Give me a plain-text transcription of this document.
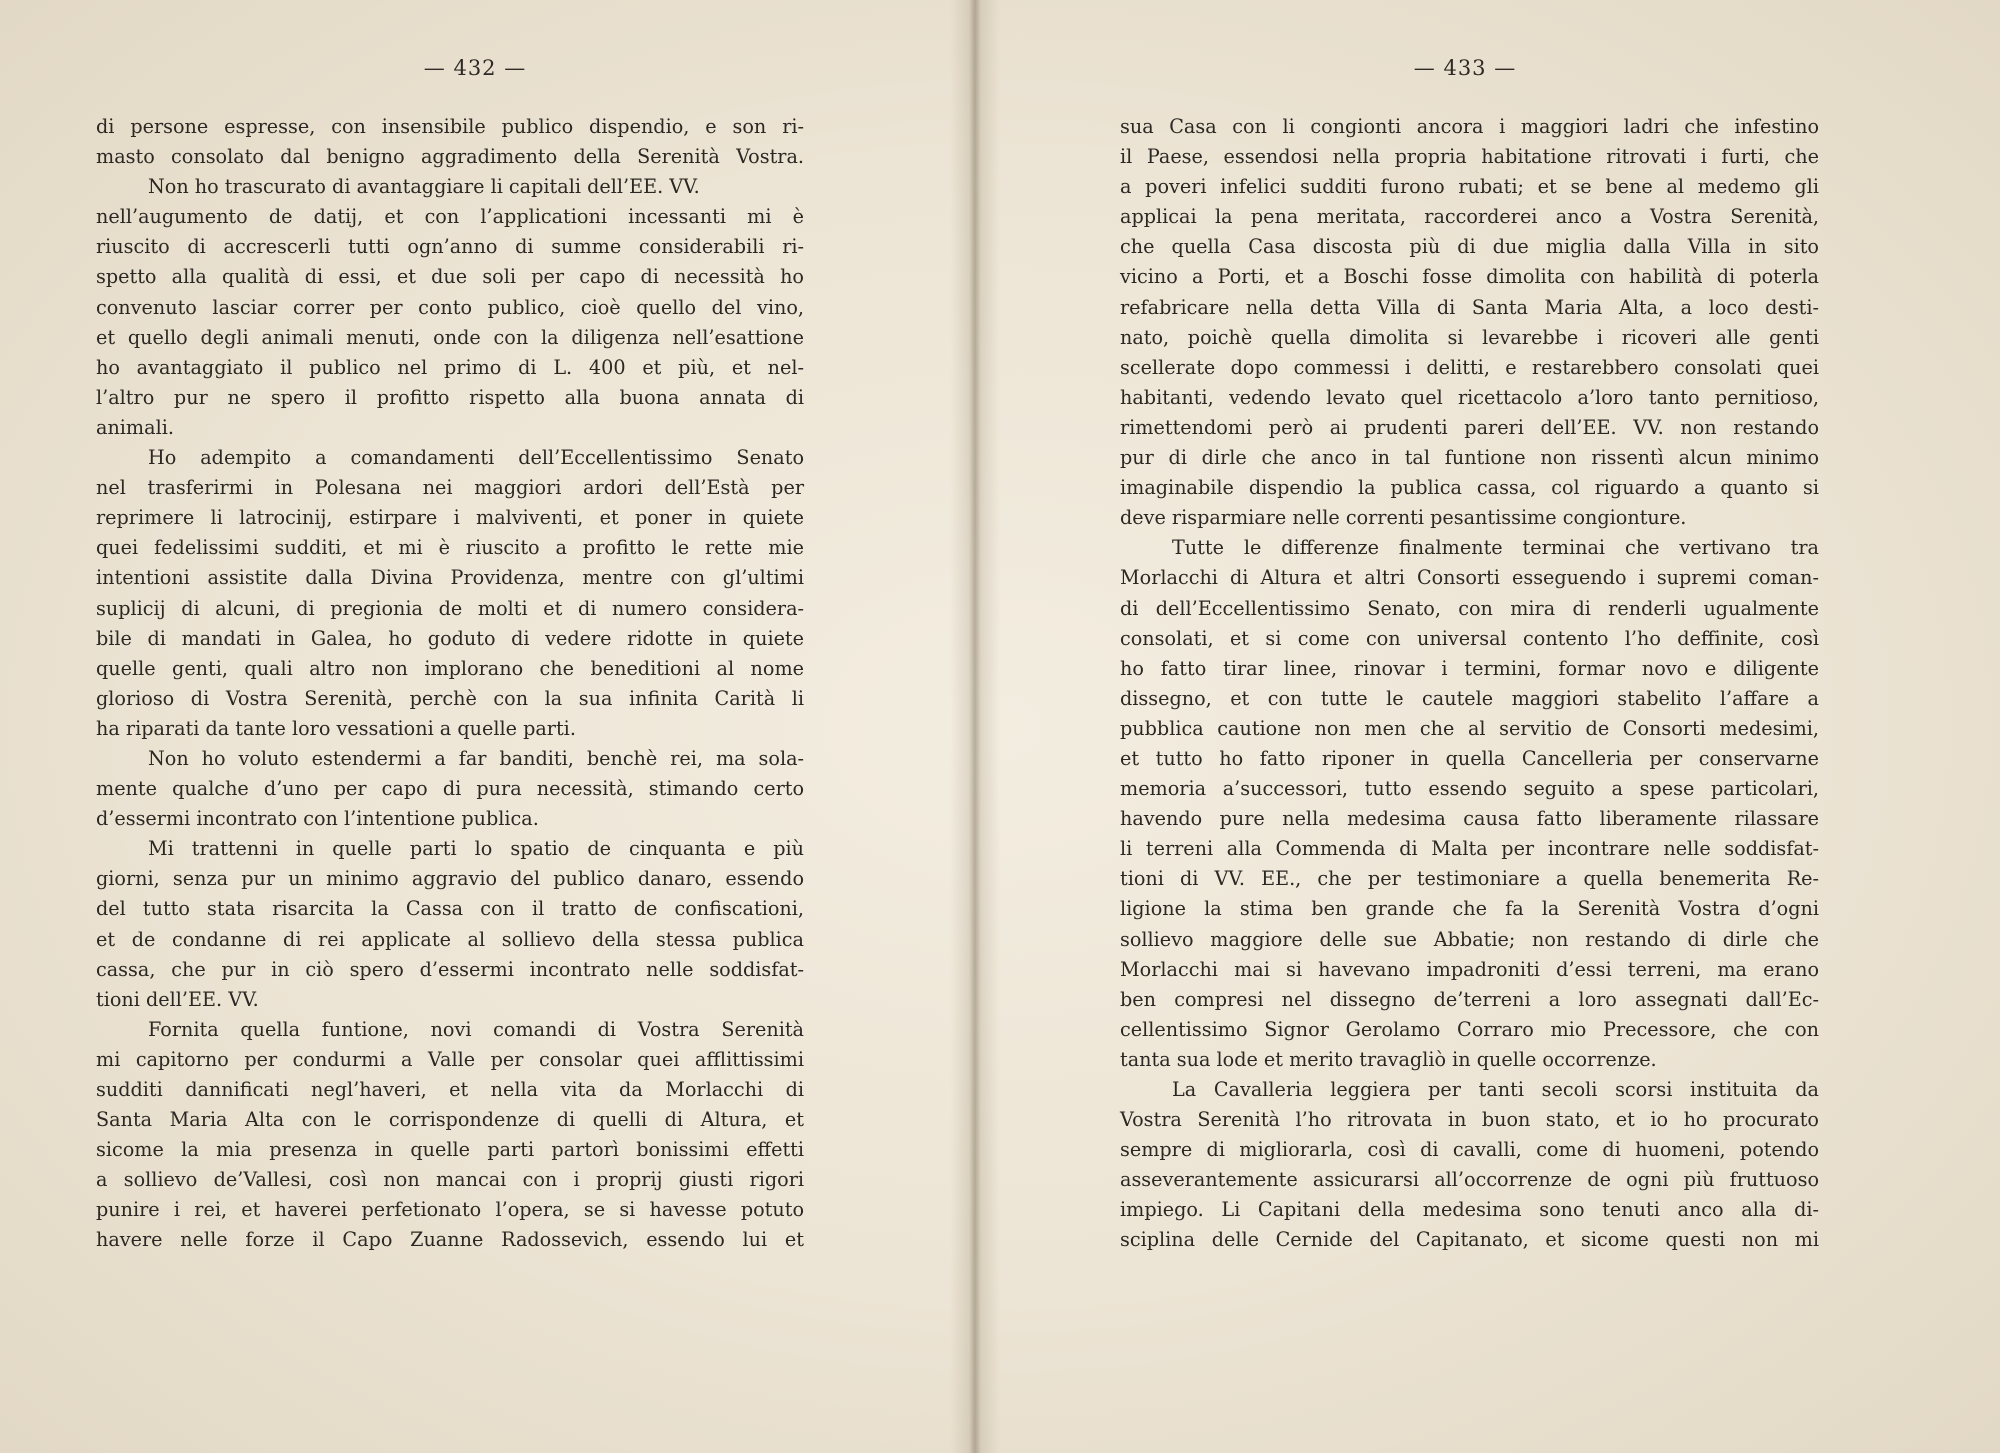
— 432 —
di persone espresse, con insensibile publico dispendio, e son ri-
masto consolato dal benigno aggradimento della Serenità Vostra.
Non ho trascurato di avantaggiare li capitali dell’EE. VV.
nell’augumento de datij, et con l’applicationi incessanti mi è
riuscito di accrescerli tutti ogn’anno di summe considerabili ri-
spetto alla qualità di essi, et due soli per capo di necessità ho
convenuto lasciar correr per conto publico, cioè quello del vino,
et quello degli animali menuti, onde con la diligenza nell’esattione
ho avantaggiato il publico nel primo di L. 400 et più, et nel-
l’altro pur ne spero il profitto rispetto alla buona annata di
animali.
Ho adempito a comandamenti dell’Eccellentissimo Senato
nel trasferirmi in Polesana nei maggiori ardori dell’Està per
reprimere li latrocinij, estirpare i malviventi, et poner in quiete
quei fedelissimi sudditi, et mi è riuscito a profitto le rette mie
intentioni assistite dalla Divina Providenza, mentre con gl’ultimi
suplicij di alcuni, di pregionia de molti et di numero considera-
bile di mandati in Galea, ho goduto di vedere ridotte in quiete
quelle genti, quali altro non implorano che beneditioni al nome
glorioso di Vostra Serenità, perchè con la sua infinita Carità li
ha riparati da tante loro vessationi a quelle parti.
Non ho voluto estendermi a far banditi, benchè rei, ma sola-
mente qualche d’uno per capo di pura necessità, stimando certo
d’essermi incontrato con l’intentione publica.
Mi trattenni in quelle parti lo spatio de cinquanta e più
giorni, senza pur un minimo aggravio del publico danaro, essendo
del tutto stata risarcita la Cassa con il tratto de confiscationi,
et de condanne di rei applicate al sollievo della stessa publica
cassa, che pur in ciò spero d’essermi incontrato nelle soddisfat-
tioni dell’EE. VV.
Fornita quella funtione, novi comandi di Vostra Serenità
mi capitorno per condurmi a Valle per consolar quei afflittissimi
sudditi dannificati negl’haveri, et nella vita da Morlacchi di
Santa Maria Alta con le corrispondenze di quelli di Altura, et
sicome la mia presenza in quelle parti partorì bonissimi effetti
a sollievo de’Vallesi, così non mancai con i proprij giusti rigori
punire i rei, et haverei perfetionato l’opera, se si havesse potuto
havere nelle forze il Capo Zuanne Radossevich, essendo lui et
— 433 —
sua Casa con li congionti ancora i maggiori ladri che infestino
il Paese, essendosi nella propria habitatione ritrovati i furti, che
a poveri infelici sudditi furono rubati; et se bene al medemo gli
applicai la pena meritata, raccorderei anco a Vostra Serenità,
che quella Casa discosta più di due miglia dalla Villa in sito
vicino a Porti, et a Boschi fosse dimolita con habilità di poterla
refabricare nella detta Villa di Santa Maria Alta, a loco desti-
nato, poichè quella dimolita si levarebbe i ricoveri alle genti
scellerate dopo commessi i delitti, e restarebbero consolati quei
habitanti, vedendo levato quel ricettacolo a’loro tanto pernitioso,
rimettendomi però ai prudenti pareri dell’EE. VV. non restando
pur di dirle che anco in tal funtione non rissentì alcun minimo
imaginabile dispendio la publica cassa, col riguardo a quanto si
deve risparmiare nelle correnti pesantissime congionture.
Tutte le differenze finalmente terminai che vertivano tra
Morlacchi di Altura et altri Consorti esseguendo i supremi coman-
di dell’Eccellentissimo Senato, con mira di renderli ugualmente
consolati, et si come con universal contento l’ho deffinite, così
ho fatto tirar linee, rinovar i termini, formar novo e diligente
dissegno, et con tutte le cautele maggiori stabelito l’affare a
pubblica cautione non men che al servitio de Consorti medesimi,
et tutto ho fatto riponer in quella Cancelleria per conservarne
memoria a’successori, tutto essendo seguito a spese particolari,
havendo pure nella medesima causa fatto liberamente rilassare
li terreni alla Commenda di Malta per incontrare nelle soddisfat-
tioni di VV. EE., che per testimoniare a quella benemerita Re-
ligione la stima ben grande che fa la Serenità Vostra d’ogni
sollievo maggiore delle sue Abbatie; non restando di dirle che
Morlacchi mai si havevano impadroniti d’essi terreni, ma erano
ben compresi nel dissegno de’terreni a loro assegnati dall’Ec-
cellentissimo Signor Gerolamo Corraro mio Precessore, che con
tanta sua lode et merito travagliò in quelle occorrenze.
La Cavalleria leggiera per tanti secoli scorsi instituita da
Vostra Serenità l’ho ritrovata in buon stato, et io ho procurato
sempre di migliorarla, così di cavalli, come di huomeni, potendo
asseverantemente assicurarsi all’occorrenze de ogni più fruttuoso
impiego. Li Capitani della medesima sono tenuti anco alla di-
sciplina delle Cernide del Capitanato, et sicome questi non mi
